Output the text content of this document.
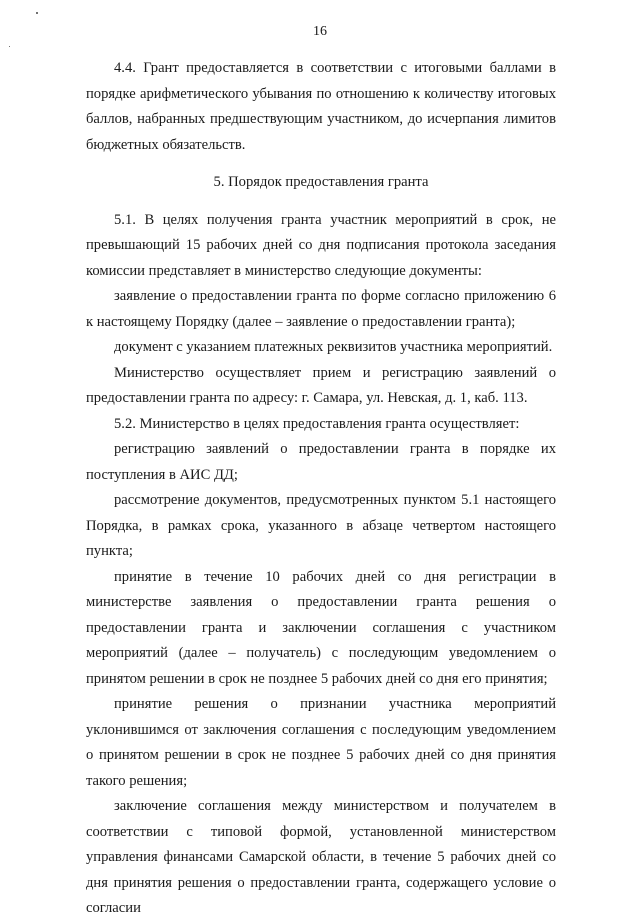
16

4.4. Грант предоставляется в соответствии с итоговыми баллами в порядке арифметического убывания по отношению к количеству итоговых баллов, набранных предшествующим участником, до исчерпания лимитов бюджетных обязательств.

5. Порядок предоставления гранта

5.1. В целях получения гранта участник мероприятий в срок, не превышающий 15 рабочих дней со дня подписания протокола заседания комиссии представляет в министерство следующие документы:

заявление о предоставлении гранта по форме согласно приложению 6 к настоящему Порядку (далее – заявление о предоставлении гранта);

документ с указанием платежных реквизитов участника мероприятий.

Министерство осуществляет прием и регистрацию заявлений о предоставлении гранта по адресу: г. Самара, ул. Невская, д. 1, каб. 113.

5.2. Министерство в целях предоставления гранта осуществляет:

регистрацию заявлений о предоставлении гранта в порядке их поступления в АИС ДД;

рассмотрение документов, предусмотренных пунктом 5.1 настоящего Порядка, в рамках срока, указанного в абзаце четвертом настоящего пункта;

принятие в течение 10 рабочих дней со дня регистрации в министерстве заявления о предоставлении гранта решения о предоставлении гранта и заключении соглашения с участником мероприятий (далее – получатель) с последующим уведомлением о принятом решении в срок не позднее 5 рабочих дней со дня его принятия;

принятие решения о признании участника мероприятий уклонившимся от заключения соглашения с последующим уведомлением о принятом решении в срок не позднее 5 рабочих дней со дня принятия такого решения;

заключение соглашения между министерством и получателем в соответствии с типовой формой, установленной министерством управления финансами Самарской области, в течение 5 рабочих дней со дня принятия решения о предоставлении гранта, содержащего условие о согласии
